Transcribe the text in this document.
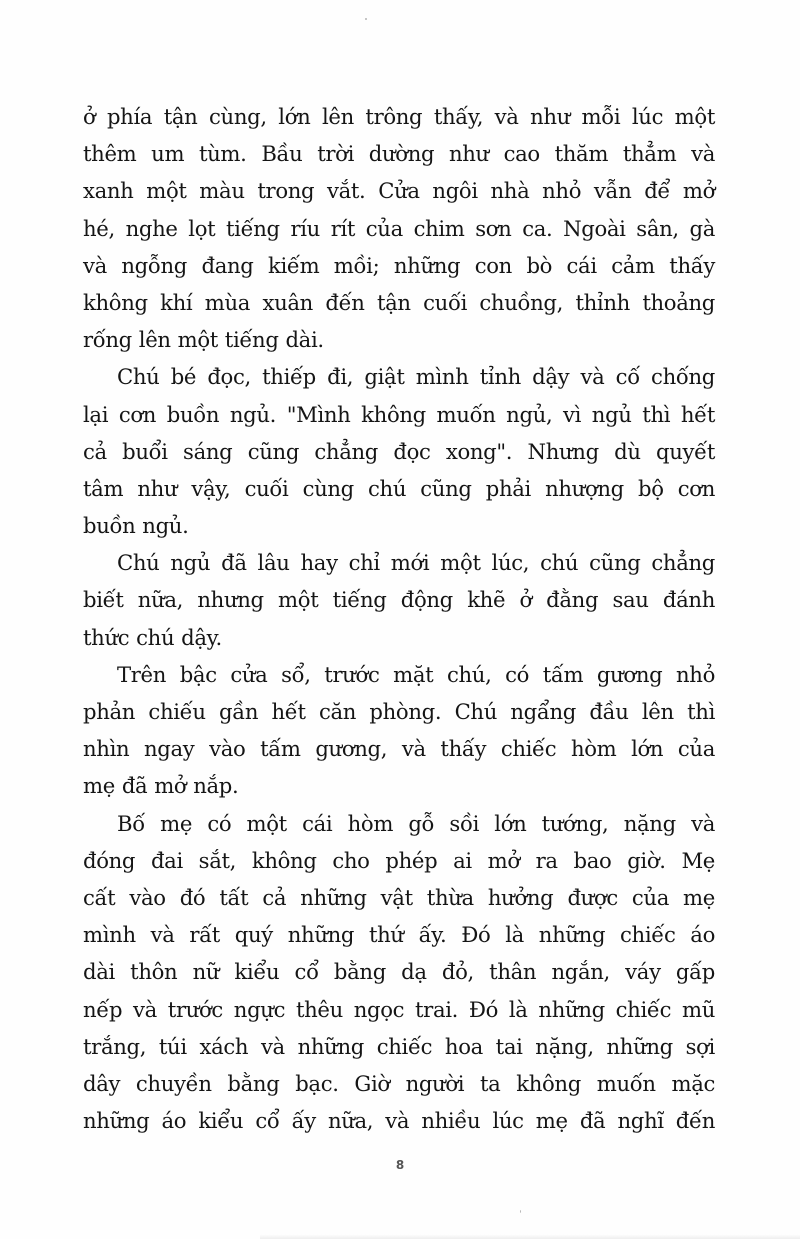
ở phía tận cùng, lớn lên trông thấy, và như mỗi lúc một
thêm um tùm. Bầu trời dường như cao thăm thẳm và
xanh một màu trong vắt. Cửa ngôi nhà nhỏ vẫn để mở
hé, nghe lọt tiếng ríu rít của chim sơn ca. Ngoài sân, gà
và ngỗng đang kiếm mồi; những con bò cái cảm thấy
không khí mùa xuân đến tận cuối chuồng, thỉnh thoảng
rống lên một tiếng dài.
Chú bé đọc, thiếp đi, giật mình tỉnh dậy và cố chống
lại cơn buồn ngủ. "Mình không muốn ngủ, vì ngủ thì hết
cả buổi sáng cũng chẳng đọc xong". Nhưng dù quyết
tâm như vậy, cuối cùng chú cũng phải nhượng bộ cơn
buồn ngủ.
Chú ngủ đã lâu hay chỉ mới một lúc, chú cũng chẳng
biết nữa, nhưng một tiếng động khẽ ở đằng sau đánh
thức chú dậy.
Trên bậc cửa sổ, trước mặt chú, có tấm gương nhỏ
phản chiếu gần hết căn phòng. Chú ngẩng đầu lên thì
nhìn ngay vào tấm gương, và thấy chiếc hòm lớn của
mẹ đã mở nắp.
Bố mẹ có một cái hòm gỗ sồi lớn tướng, nặng và
đóng đai sắt, không cho phép ai mở ra bao giờ. Mẹ
cất vào đó tất cả những vật thừa hưởng được của mẹ
mình và rất quý những thứ ấy. Đó là những chiếc áo
dài thôn nữ kiểu cổ bằng dạ đỏ, thân ngắn, váy gấp
nếp và trước ngực thêu ngọc trai. Đó là những chiếc mũ
trắng, túi xách và những chiếc hoa tai nặng, những sợi
dây chuyền bằng bạc. Giờ người ta không muốn mặc
những áo kiểu cổ ấy nữa, và nhiều lúc mẹ đã nghĩ đến
8
